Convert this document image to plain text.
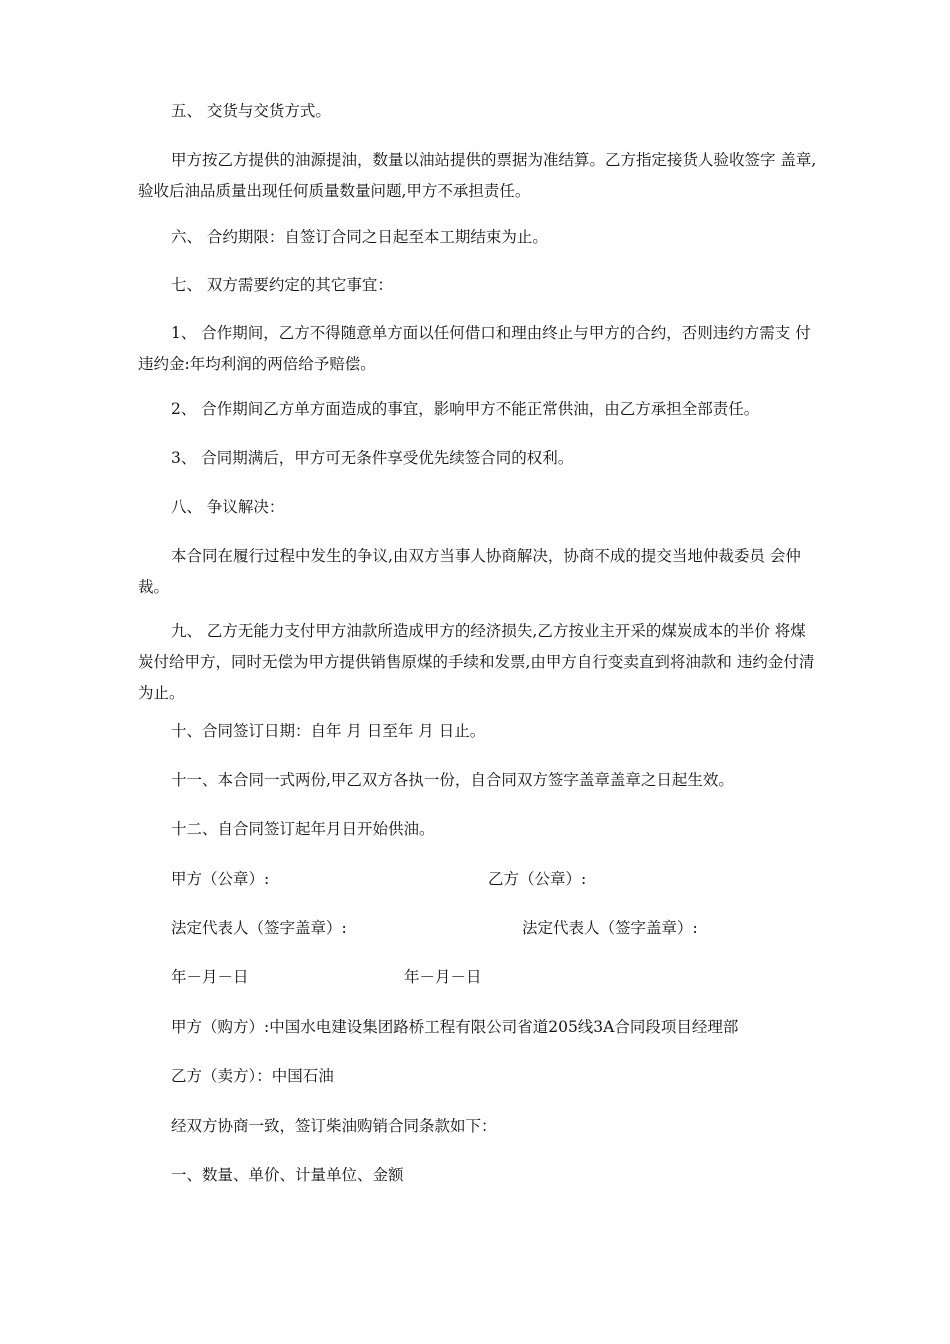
五、 交货与交货方式。

甲方按乙方提供的油源提油，数量以油站提供的票据为准结算。乙方指定接货人验收签字 盖章,验收后油品质量出现任何质量数量问题,甲方不承担责任。

六、 合约期限：自签订合同之日起至本工期结束为止。

七、 双方需要约定的其它事宜：

1、 合作期间，乙方不得随意单方面以任何借口和理由终止与甲方的合约，否则违约方需支 付违约金:年均利润的两倍给予赔偿。

2、 合作期间乙方单方面造成的事宜，影响甲方不能正常供油，由乙方承担全部责任。

3、 合同期满后，甲方可无条件享受优先续签合同的权利。

八、 争议解决：

本合同在履行过程中发生的争议,由双方当事人协商解决，协商不成的提交当地仲裁委员 会仲裁。

九、 乙方无能力支付甲方油款所造成甲方的经济损失,乙方按业主开采的煤炭成本的半价 将煤炭付给甲方，同时无偿为甲方提供销售原煤的手续和发票,由甲方自行变卖直到将油款和 违约金付清为止。

十、合同签订日期：自年 月 日至年 月 日止。

十一、本合同一式两份,甲乙双方各执一份，自合同双方签字盖章盖章之日起生效。

十二、自合同签订起年月日开始供油。

甲方（公章）:	乙方（公章）:
法定代表人（签字盖章）:	法定代表人（签字盖章）:
年－月－日	年－月－日

甲方（购方）:中国水电建设集团路桥工程有限公司省道205线3A合同段项目经理部

乙方（卖方）：中国石油

经双方协商一致，签订柴油购销合同条款如下：

一、数量、单价、计量单位、金额
